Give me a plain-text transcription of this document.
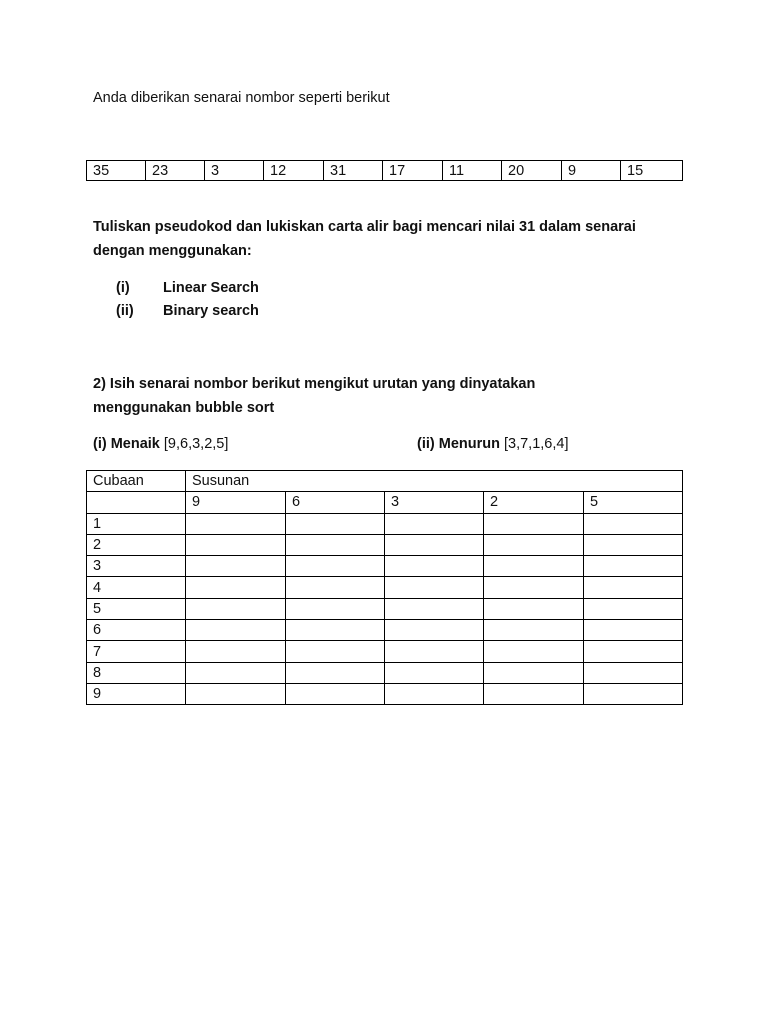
Anda diberikan senarai nombor seperti berikut
35	23	3	12	31	17	11	20	9	15
Tuliskan pseudokod dan lukiskan carta alir bagi mencari nilai 31 dalam senarai
dengan menggunakan:
(i) Linear Search
(ii) Binary search
2) Isih senarai nombor berikut mengikut urutan yang dinyatakan
menggunakan bubble sort
(i) Menaik [9,6,3,2,5]	(ii) Menurun [3,7,1,6,4]
Cubaan	Susunan				
	9	6	3	2	5
1					
2					
3					
4					
5					
6					
7					
8					
9					
